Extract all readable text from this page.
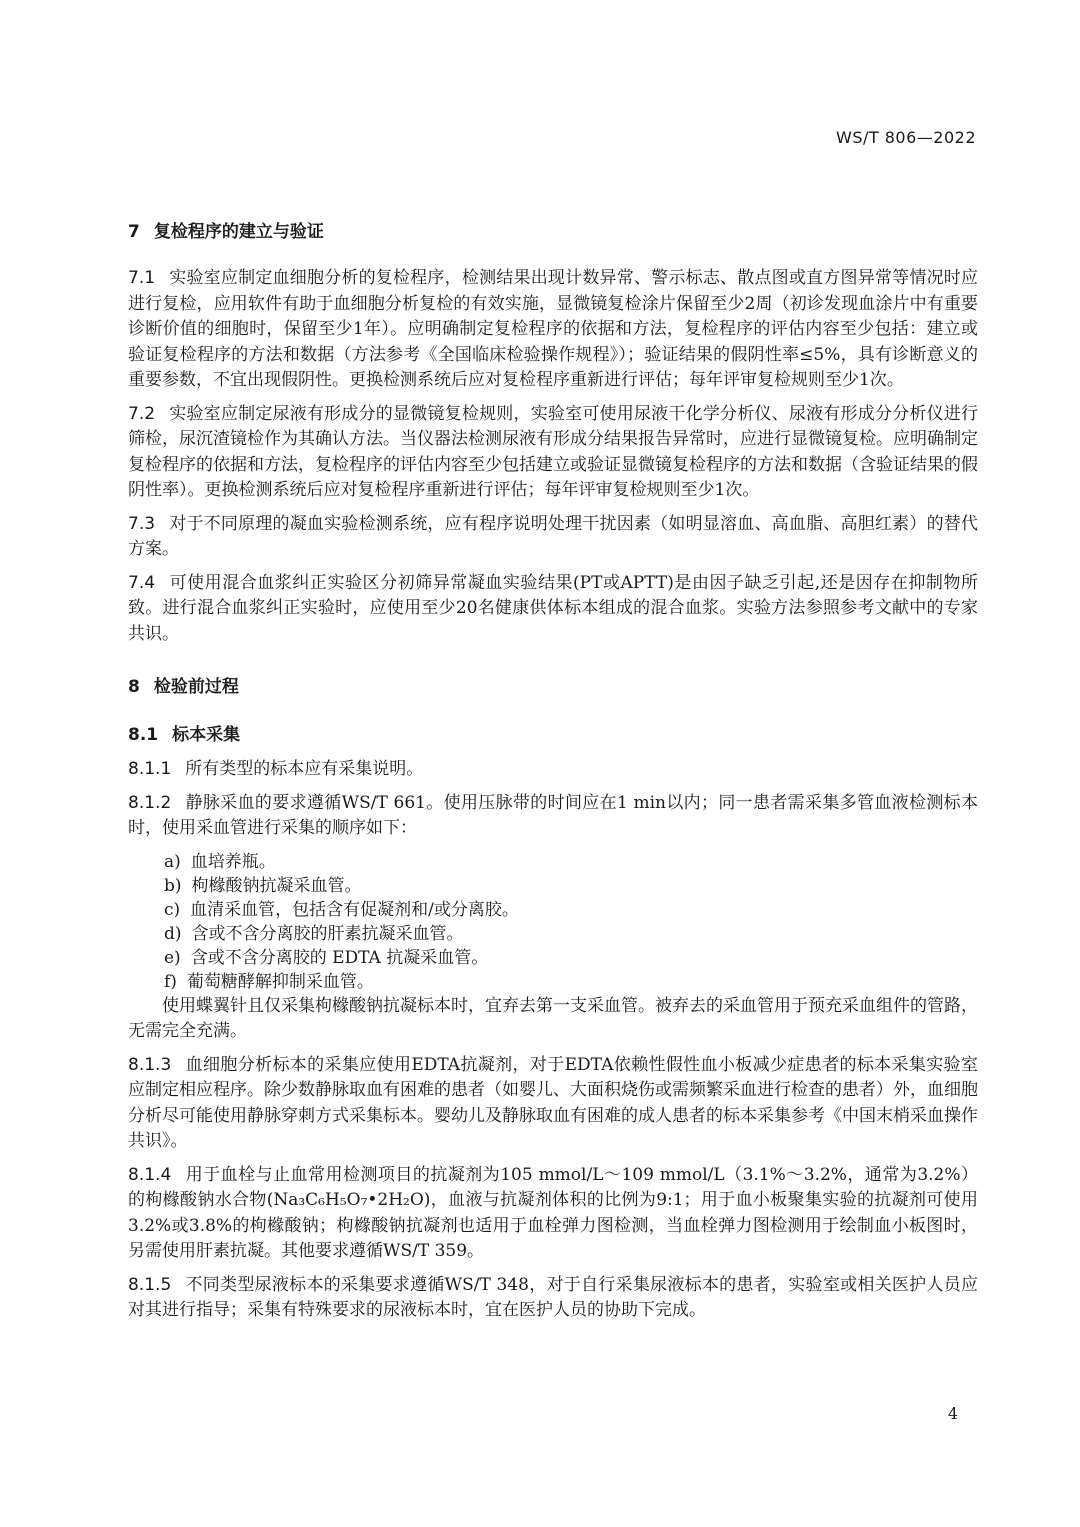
WS/T 806—2022
7 复检程序的建立与验证

7.1 实验室应制定血细胞分析的复检程序，检测结果出现计数异常、警示标志、散点图或直方图异常等情况时应进行复检，应用软件有助于血细胞分析复检的有效实施，显微镜复检涂片保留至少2周（初诊发现血涂片中有重要诊断价值的细胞时，保留至少1年）。应明确制定复检程序的依据和方法，复检程序的评估内容至少包括：建立或验证复检程序的方法和数据（方法参考《全国临床检验操作规程》）；验证结果的假阴性率≤5%，具有诊断意义的重要参数，不宜出现假阴性。更换检测系统后应对复检程序重新进行评估；每年评审复检规则至少1次。

7.2 实验室应制定尿液有形成分的显微镜复检规则，实验室可使用尿液干化学分析仪、尿液有形成分分析仪进行筛检，尿沉渣镜检作为其确认方法。当仪器法检测尿液有形成分结果报告异常时，应进行显微镜复检。应明确制定复检程序的依据和方法，复检程序的评估内容至少包括建立或验证显微镜复检程序的方法和数据（含验证结果的假阴性率）。更换检测系统后应对复检程序重新进行评估；每年评审复检规则至少1次。

7.3 对于不同原理的凝血实验检测系统，应有程序说明处理干扰因素（如明显溶血、高血脂、高胆红素）的替代方案。

7.4 可使用混合血浆纠正实验区分初筛异常凝血实验结果(PT或APTT)是由因子缺乏引起,还是因存在抑制物所致。进行混合血浆纠正实验时，应使用至少20名健康供体标本组成的混合血浆。实验方法参照参考文献中的专家共识。

8 检验前过程
8.1 标本采集

8.1.1 所有类型的标本应有采集说明。

8.1.2 静脉采血的要求遵循WS/T 661。使用压脉带的时间应在1 min以内；同一患者需采集多管血液检测标本时，使用采血管进行采集的顺序如下：

a) 血培养瓶。
b) 枸橼酸钠抗凝采血管。
c) 血清采血管，包括含有促凝剂和/或分离胶。
d) 含或不含分离胶的肝素抗凝采血管。
e) 含或不含分离胶的 EDTA 抗凝采血管。
f) 葡萄糖酵解抑制采血管。

使用蝶翼针且仅采集枸橼酸钠抗凝标本时，宜弃去第一支采血管。被弃去的采血管用于预充采血组件的管路，无需完全充满。

8.1.3 血细胞分析标本的采集应使用EDTA抗凝剂，对于EDTA依赖性假性血小板减少症患者的标本采集实验室应制定相应程序。除少数静脉取血有困难的患者（如婴儿、大面积烧伤或需频繁采血进行检查的患者）外，血细胞分析尽可能使用静脉穿刺方式采集标本。婴幼儿及静脉取血有困难的成人患者的标本采集参考《中国末梢采血操作共识》。

8.1.4 用于血栓与止血常用检测项目的抗凝剂为105 mmol/L～109 mmol/L（3.1%～3.2%，通常为3.2%）的枸橼酸钠水合物(Na₃C₆H₅O₇•2H₂O)，血液与抗凝剂体积的比例为9:1；用于血小板聚集实验的抗凝剂可使用3.2%或3.8%的枸橼酸钠；枸橼酸钠抗凝剂也适用于血栓弹力图检测，当血栓弹力图检测用于绘制血小板图时，另需使用肝素抗凝。其他要求遵循WS/T 359。

8.1.5 不同类型尿液标本的采集要求遵循WS/T 348，对于自行采集尿液标本的患者，实验室或相关医护人员应对其进行指导；采集有特殊要求的尿液标本时，宜在医护人员的协助下完成。

4
